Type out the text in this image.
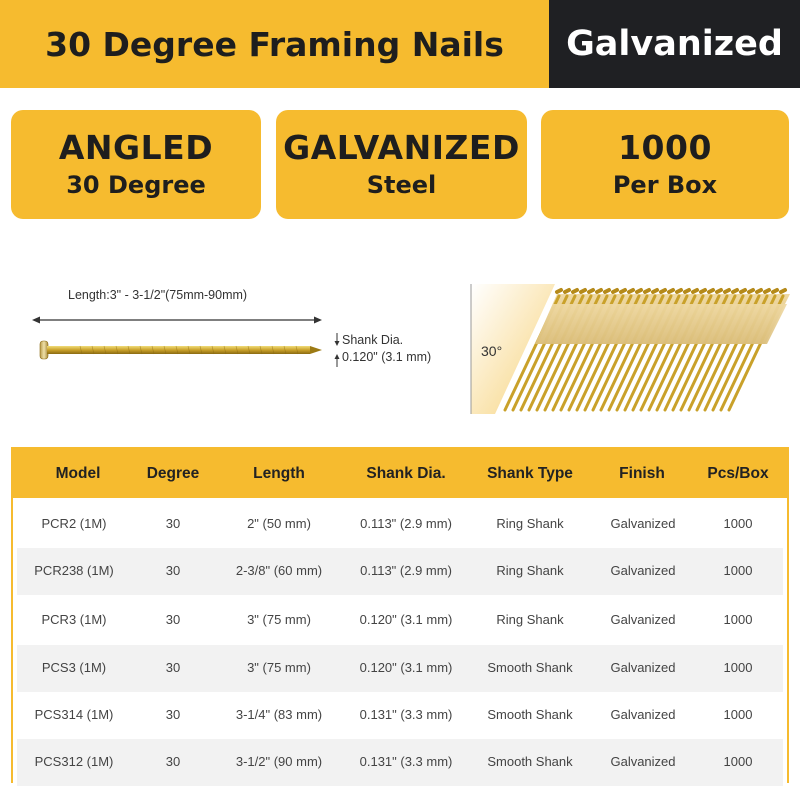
30 Degree Framing Nails	Galvanized
ANGLED
30 Degree
GALVANIZED
Steel
1000
Per Box
Length:3" - 3-1/2"(75mm-90mm)
Shank Dia.
0.120" (3.1 mm)	30°
Model	Degree	Length	Shank Dia.	Shank Type	Finish	Pcs/Box
PCR2 (1M)	30	2" (50 mm)	0.113" (2.9 mm)	Ring Shank	Galvanized	1000
PCR238 (1M)	30	2-3/8" (60 mm)	0.113" (2.9 mm)	Ring Shank	Galvanized	1000
PCR3 (1M)	30	3" (75 mm)	0.120" (3.1 mm)	Ring Shank	Galvanized	1000
PCS3 (1M)	30	3" (75 mm)	0.120" (3.1 mm)	Smooth Shank	Galvanized	1000
PCS314 (1M)	30	3-1/4" (83 mm)	0.131" (3.3 mm)	Smooth Shank	Galvanized	1000
PCS312 (1M)	30	3-1/2" (90 mm)	0.131" (3.3 mm)	Smooth Shank	Galvanized	1000
